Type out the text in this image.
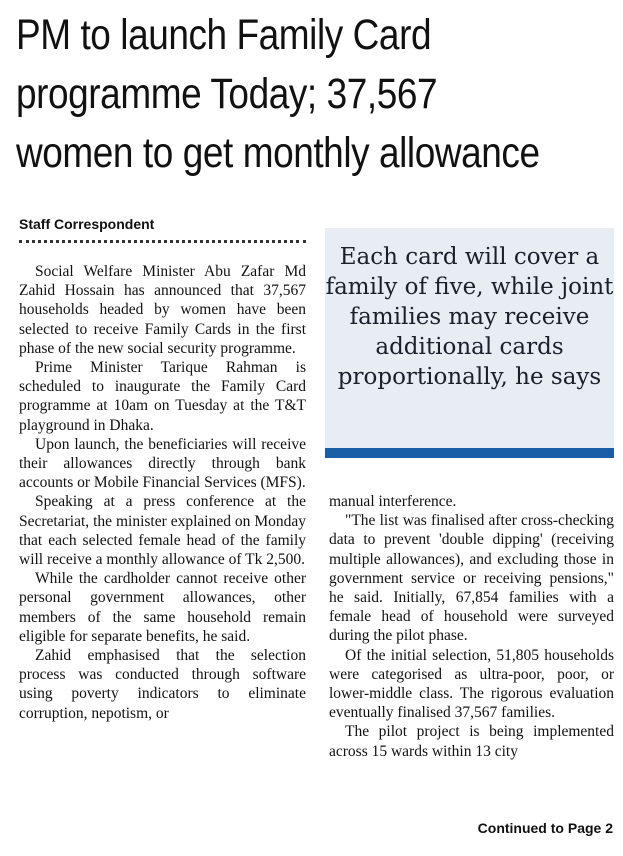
PM to launch Family Card
programme Today; 37,567
women to get monthly allowance
Staff Correspondent

Social Welfare Minister Abu Zafar Md Zahid Hossain has announced that 37,567 households headed by women have been selected to receive Family Cards in the first phase of the new social security programme.

Prime Minister Tarique Rahman is scheduled to inaugurate the Family Card programme at 10am on Tuesday at the T&T playground in Dhaka.

Upon launch, the beneficiaries will receive their allowances directly through bank accounts or Mobile Financial Services (MFS).

Speaking at a press conference at the Secretariat, the minister explained on Monday that each selected female head of the family will receive a monthly allowance of Tk 2,500.

While the cardholder cannot receive other personal government allowances, other members of the same household remain eligible for separate benefits, he said.

Zahid emphasised that the selection process was conducted through software using poverty indicators to eliminate corruption, nepotism, or

Each card will cover a family of five, while joint families may receive additional cards proportionally, he says

manual interference.

"The list was finalised after cross-checking data to prevent 'double dipping' (receiving multiple allowances), and excluding those in government service or receiving pensions," he said. Initially, 67,854 families with a female head of household were surveyed during the pilot phase.

Of the initial selection, 51,805 households were categorised as ultra-poor, poor, or lower-middle class. The rigorous evaluation eventually finalised 37,567 families.

The pilot project is being implemented across 15 wards within 13 city

Continued to Page 2
